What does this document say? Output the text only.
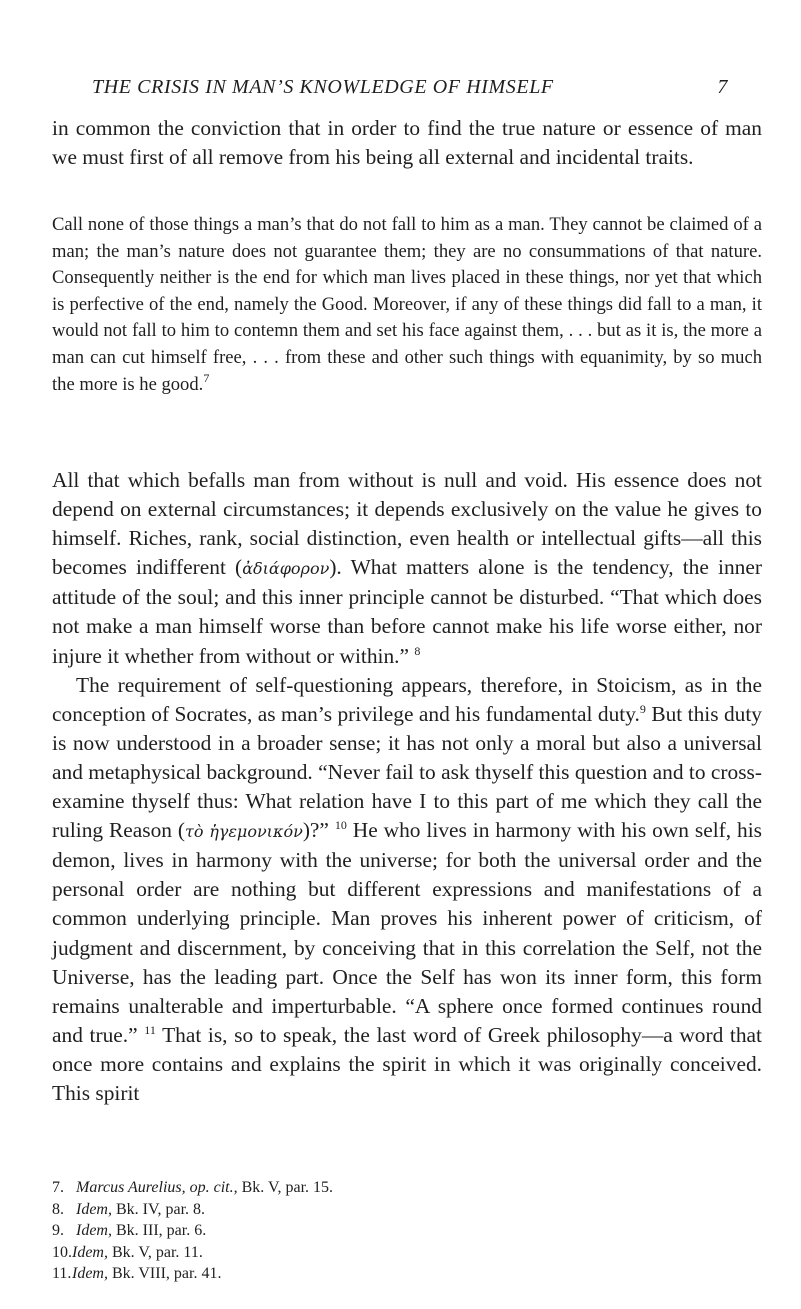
THE CRISIS IN MAN’S KNOWLEDGE OF HIMSELF	7

in common the conviction that in order to find the true nature or essence of man we must first of all remove from his being all external and incidental traits.

Call none of those things a man’s that do not fall to him as a man. They cannot be claimed of a man; the man’s nature does not guarantee them; they are no consummations of that nature. Consequently neither is the end for which man lives placed in these things, nor yet that which is perfective of the end, namely the Good. Moreover, if any of these things did fall to a man, it would not fall to him to contemn them and set his face against them, . . . but as it is, the more a man can cut himself free, . . . from these and other such things with equanimity, by so much the more is he good.$^7$

All that which befalls man from without is null and void. His essence does not depend on external circumstances; it depends exclusively on the value he gives to himself. Riches, rank, social distinction, even health or intellectual gifts—all this becomes indifferent (ἀδιάφορον). What matters alone is the tendency, the inner attitude of the soul; and this inner principle cannot be disturbed. “That which does not make a man himself worse than before cannot make his life worse either, nor injure it whether from without or within.” $^8$

The requirement of self-questioning appears, therefore, in Stoicism, as in the conception of Socrates, as man’s privilege and his fundamental duty.$^9$ But this duty is now understood in a broader sense; it has not only a moral but also a universal and metaphysical background. “Never fail to ask thyself this question and to cross-examine thyself thus: What relation have I to this part of me which they call the ruling Reason (τὸ ἡγεμονικόν)?” $^{10}$ He who lives in harmony with his own self, his demon, lives in harmony with the universe; for both the universal order and the personal order are nothing but different expressions and manifestations of a common underlying principle. Man proves his inherent power of criticism, of judgment and discernment, by conceiving that in this correlation the Self, not the Universe, has the leading part. Once the Self has won its inner form, this form remains unalterable and imperturbable. “A sphere once formed continues round and true.” $^{11}$ That is, so to speak, the last word of Greek philosophy—a word that once more contains and explains the spirit in which it was originally conceived. This spirit

7. Marcus Aurelius, op. cit., Bk. V, par. 15.
8. Idem, Bk. IV, par. 8.
9. Idem, Bk. III, par. 6.
10.Idem, Bk. V, par. 11.
11.Idem, Bk. VIII, par. 41.
